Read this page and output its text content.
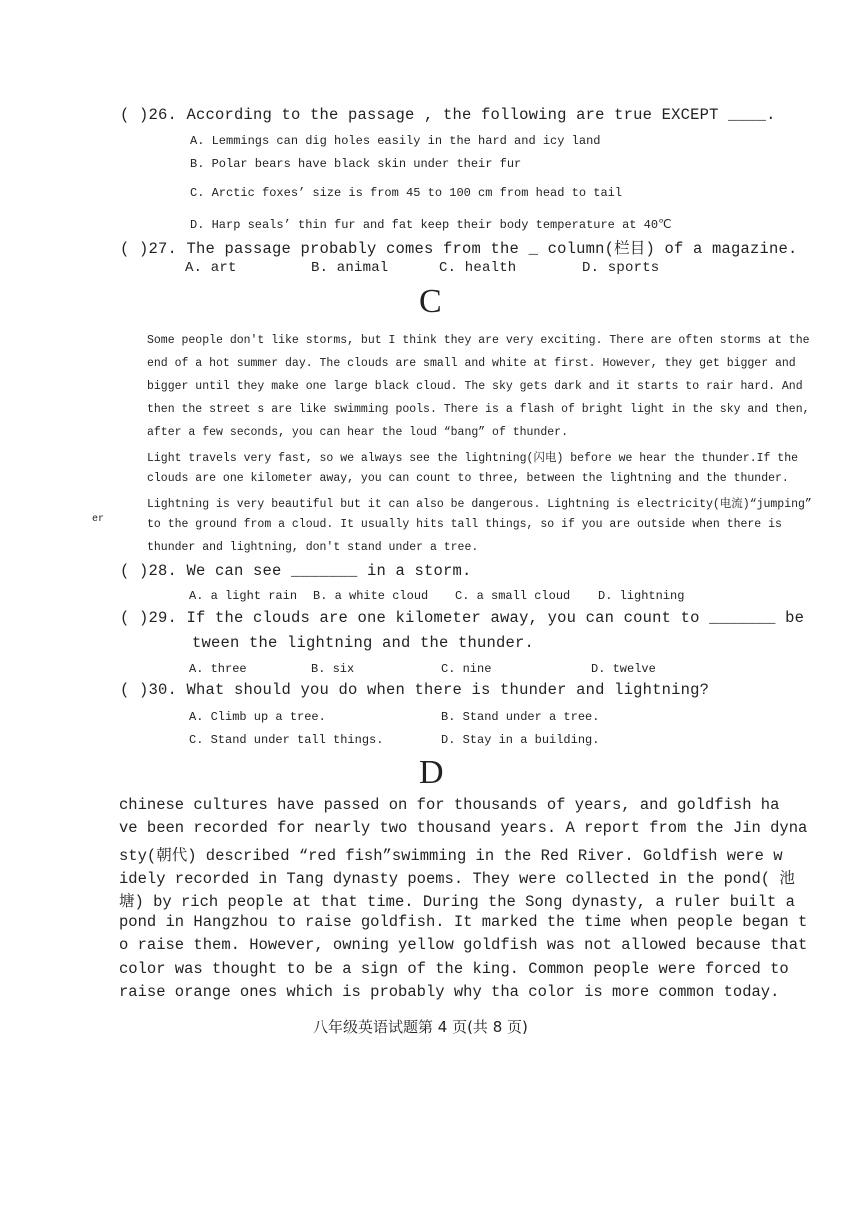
( )26. According to the passage , the following are true EXCEPT ____.
A. Lemmings can dig holes easily in the hard and icy land
B. Polar bears have black skin under their fur
C. Arctic foxes’ size is from 45 to 100 cm from head to tail
D. Harp seals’ thin fur and fat keep their body temperature at 40℃
( )27. The passage probably comes from the _ column(栏目) of a magazine.
A. art	B. animal	C. health	D. sports
C
Some people don't like storms, but I think they are very exciting. There are often storms at the
end of a hot summer day. The clouds are small and white at first. However, they get bigger and
bigger until they make one large black cloud. The sky gets dark and it starts to rair hard. And
then the street s are like swimming pools. There is a flash of bright light in the sky and then,
after a few seconds, you can hear the loud “bang” of thunder.
Light travels very fast, so we always see the lightning(闪电) before we hear the thunder.If the
clouds are one kilometer away, you can count to three, between the lightning and the thunder.
Lightning is very beautiful but it can also be dangerous. Lightning is electricity(电流)“jumping”
to the ground from a cloud. It usually hits tall things, so if you are outside when there is
thunder and lightning, don't stand under a tree.
er
( )28. We can see _______ in a storm.
A. a light rain B. a white cloud C. a small cloud D. lightning
( )29. If the clouds are one kilometer away, you can count to _______ be
tween the lightning and the thunder.
A. three	B. six	C. nine	D. twelve
( )30. What should you do when there is thunder and lightning?
A. Climb up a tree.	B. Stand under a tree.
C. Stand under tall things.	D. Stay in a building.
D
chinese cultures have passed on for thousands of years, and goldfish ha
ve been recorded for nearly two thousand years. A report from the Jin dyna
sty(朝代) described “red fish”swimming in the Red River. Goldfish were w
idely recorded in Tang dynasty poems. They were collected in the pond( 池
塘) by rich people at that time. During the Song dynasty, a ruler built a
pond in Hangzhou to raise goldfish. It marked the time when people began t
o raise them. However, owning yellow goldfish was not allowed because that
color was thought to be a sign of the king. Common people were forced to
raise orange ones which is probably why tha color is more common today.
八年级英语试题第 4 页(共 8 页)
